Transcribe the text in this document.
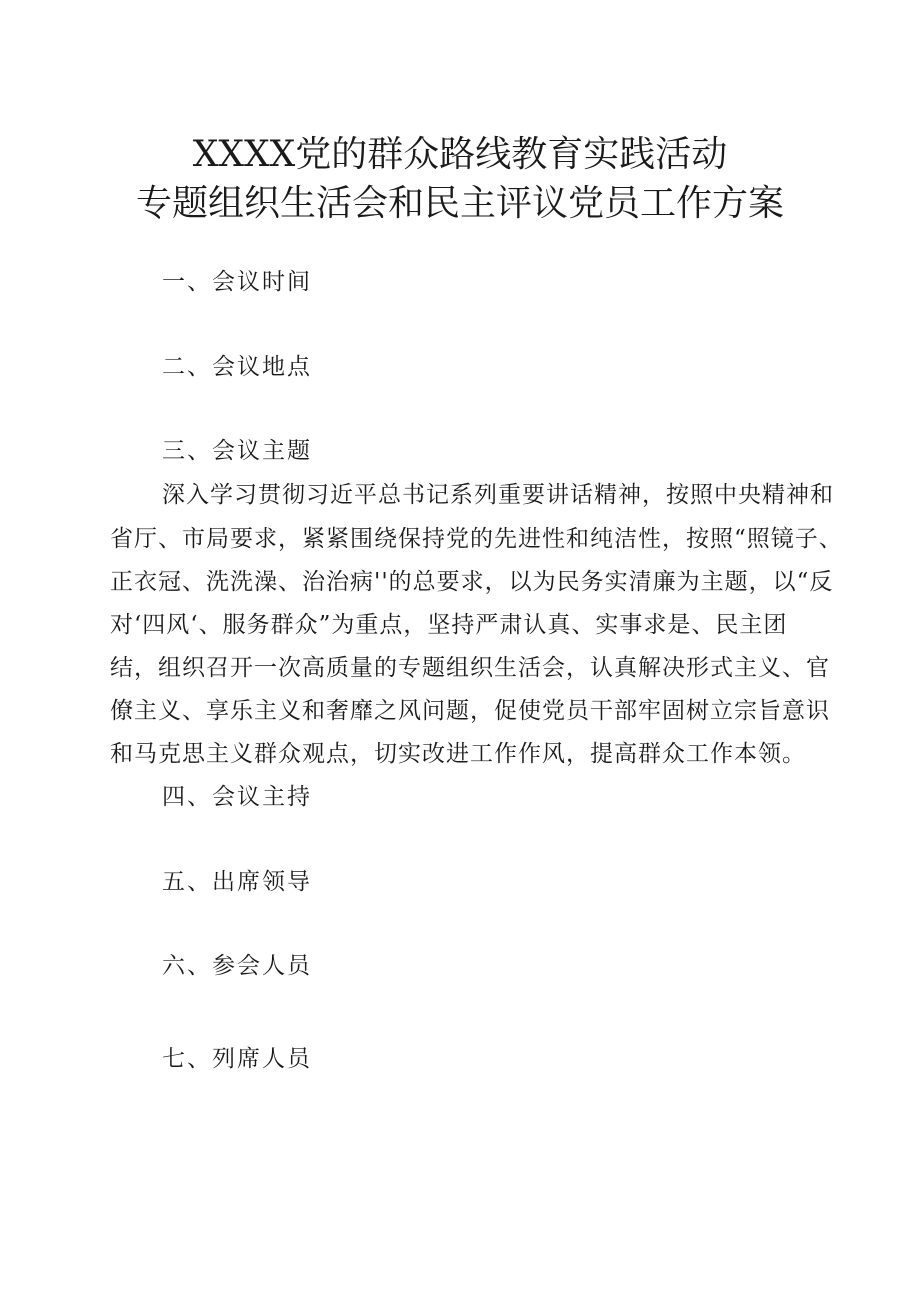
XXXX党的群众路线教育实践活动
专题组织生活会和民主评议党员工作方案
一、会议时间
二、会议地点
三、会议主题
深入学习贯彻习近平总书记系列重要讲话精神，按照中央精神和
省厅、市局要求，紧紧围绕保持党的先进性和纯洁性，按照“照镜子、
正衣冠、洗洗澡、治治病''的总要求，以为民务实清廉为主题，以“反
对‘四风‘、服务群众”为重点，坚持严肃认真、实事求是、民主团
结，组织召开一次高质量的专题组织生活会，认真解决形式主义、官
僚主义、享乐主义和奢靡之风问题，促使党员干部牢固树立宗旨意识
和马克思主义群众观点，切实改进工作作风，提高群众工作本领。
四、会议主持
五、出席领导
六、参会人员
七、列席人员
